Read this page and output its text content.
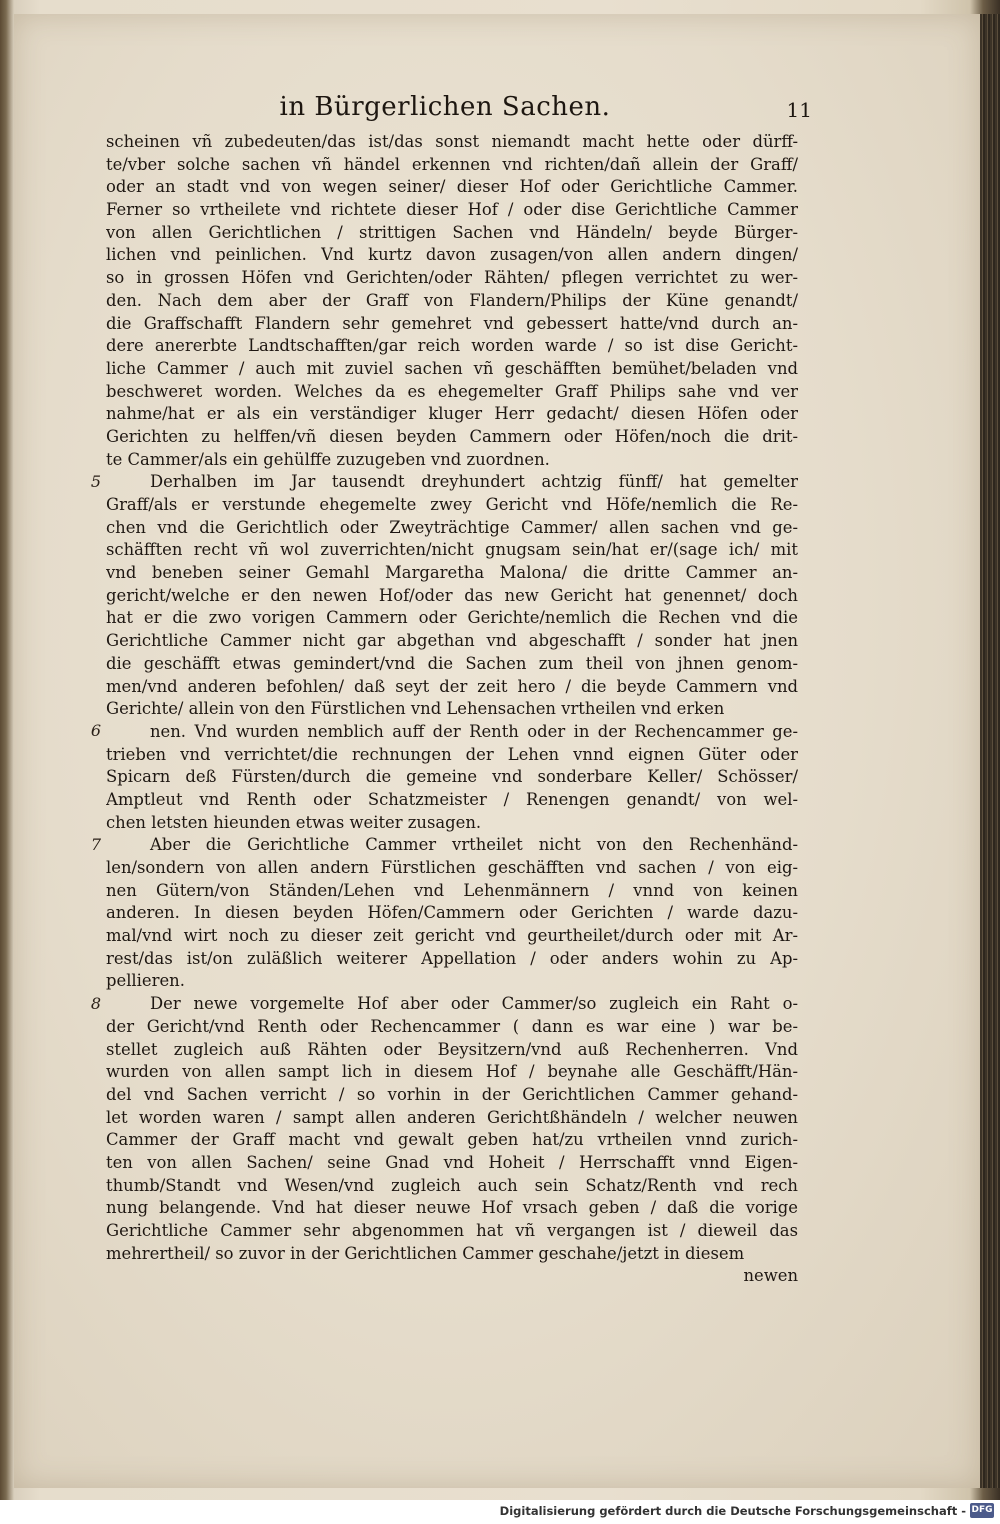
in Bürgerlichen Sachen.	11
scheinen vñ zubedeuten/das ist/das sonst niemandt macht hette oder dürff-
te/vber solche sachen vñ händel erkennen vnd richten/dañ allein der Graff/
oder an stadt vnd von wegen seiner/ dieser Hof oder Gerichtliche Cammer.
Ferner so vrtheilete vnd richtete dieser Hof / oder dise Gerichtliche Cammer
von allen Gerichtlichen / strittigen Sachen vnd Händeln/ beyde Bürger-
lichen vnd peinlichen. Vnd kurtz davon zusagen/von allen andern dingen/
so in grossen Höfen vnd Gerichten/oder Rähten/ pflegen verrichtet zu wer-
den. Nach dem aber der Graff von Flandern/Philips der Küne genandt/
die Graffschafft Flandern sehr gemehret vnd gebessert hatte/vnd durch an-
dere anererbte Landtschafften/gar reich worden warde / so ist dise Gericht-
liche Cammer / auch mit zuviel sachen vñ geschäfften bemühet/beladen vnd
beschweret worden. Welches da es ehegemelter Graff Philips sahe vnd ver
nahme/hat er als ein verständiger kluger Herr gedacht/ diesen Höfen oder
Gerichten zu helffen/vñ diesen beyden Cammern oder Höfen/noch die drit-
te Cammer/als ein gehülffe zuzugeben vnd zuordnen.
Derhalben im Jar tausendt dreyhundert achtzig fünff/ hat gemelter
5
Graff/als er verstunde ehegemelte zwey Gericht vnd Höfe/nemlich die Re-
chen vnd die Gerichtlich oder Zweyträchtige Cammer/ allen sachen vnd ge-
schäfften recht vñ wol zuverrichten/nicht gnugsam sein/hat er/(sage ich/ mit
vnd beneben seiner Gemahl Margaretha Malona/ die dritte Cammer an-
gericht/welche er den newen Hof/oder das new Gericht hat genennet/ doch
hat er die zwo vorigen Cammern oder Gerichte/nemlich die Rechen vnd die
Gerichtliche Cammer nicht gar abgethan vnd abgeschafft / sonder hat jnen
die geschäfft etwas gemindert/vnd die Sachen zum theil von jhnen genom-
men/vnd anderen befohlen/ daß seyt der zeit hero / die beyde Cammern vnd
Gerichte/ allein von den Fürstlichen vnd Lehensachen vrtheilen vnd erken
nen. Vnd wurden nemblich auff der Renth oder in der Rechencammer ge-
6
trieben vnd verrichtet/die rechnungen der Lehen vnnd eignen Güter oder
Spicarn deß Fürsten/durch die gemeine vnd sonderbare Keller/ Schösser/
Amptleut vnd Renth oder Schatzmeister / Renengen genandt/ von wel-
chen letsten hieunden etwas weiter zusagen.
Aber die Gerichtliche Cammer vrtheilet nicht von den Rechenhänd-
7
len/sondern von allen andern Fürstlichen geschäfften vnd sachen / von eig-
nen Gütern/von Ständen/Lehen vnd Lehenmännern / vnnd von keinen
anderen. In diesen beyden Höfen/Cammern oder Gerichten / warde dazu-
mal/vnd wirt noch zu dieser zeit gericht vnd geurtheilet/durch oder mit Ar-
rest/das ist/on zuläßlich weiterer Appellation / oder anders wohin zu Ap-
pellieren.
Der newe vorgemelte Hof aber oder Cammer/so zugleich ein Raht o-
8
der Gericht/vnd Renth oder Rechencammer ( dann es war eine ) war be-
stellet zugleich auß Rähten oder Beysitzern/vnd auß Rechenherren. Vnd
wurden von allen sampt lich in diesem Hof / beynahe alle Geschäfft/Hän-
del vnd Sachen verricht / so vorhin in der Gerichtlichen Cammer gehand-
let worden waren / sampt allen anderen Gerichtßhändeln / welcher neuwen
Cammer der Graff macht vnd gewalt geben hat/zu vrtheilen vnnd zurich-
ten von allen Sachen/ seine Gnad vnd Hoheit / Herrschafft vnnd Eigen-
thumb/Standt vnd Wesen/vnd zugleich auch sein Schatz/Renth vnd rech
nung belangende. Vnd hat dieser neuwe Hof vrsach geben / daß die vorige
Gerichtliche Cammer sehr abgenommen hat vñ vergangen ist / dieweil das
mehrertheil/ so zuvor in der Gerichtlichen Cammer geschahe/jetzt in diesem
newen
Digitalisierung gefördert durch die Deutsche Forschungsgemeinschaft - DFG
